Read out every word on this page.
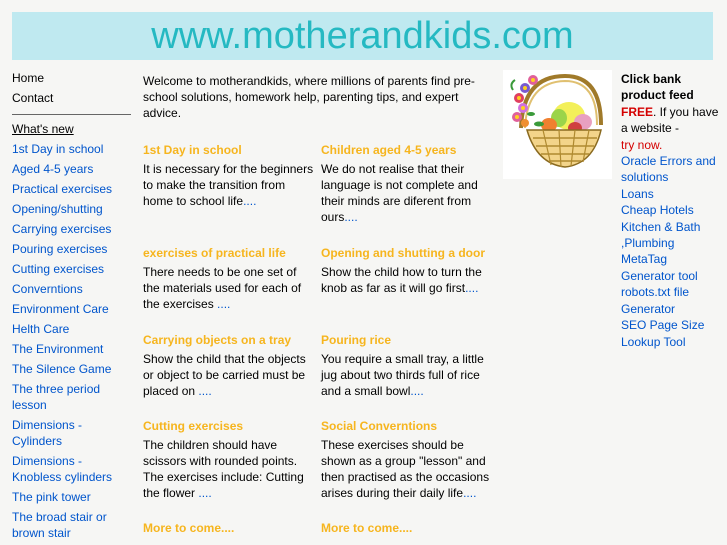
www.motherandkids.com
Home
Contact
What's new
1st Day in school
Aged 4-5 years
Practical exercises
Opening/shutting
Carrying exercises
Pouring exercises
Cutting exercises
Converntions
Environment Care
Helth Care
The Environment
The Silence Game
The three period lesson
Dimensions - Cylinders
Dimensions - Knobless cylinders
The pink tower
The broad stair or brown stair
Welcome to motherandkids, where millions of parents find pre-school solutions, homework help, parenting tips, and expert advice.
1st Day in school
It is necessary for the beginners to make the transition from home to school life....
Children aged 4-5 years
We do not realise that their language is not complete and their minds are diferent from ours....
exercises of practical life
There needs to be one set of the materials used for each of the exercises ....
Opening and shutting a door
Show the child how to turn the knob as far as it will go first....
Carrying objects on a tray
Show the child that the objects or object to be carried must be placed on ....
Pouring rice
You require a small tray, a little jug about two thirds full of rice and a small bowl....
Cutting exercises
The children should have scissors with rounded points. The exercises include: Cutting the flower ....
Social Converntions
These exercises should be shown as a group "lesson" and then practised as the occasions arises during their daily life....
More to come....	More to come....
Click bank product feed
FREE. If you have a website -
try now.
Oracle Errors and solutions
Loans
Cheap Hotels
Kitchen & Bath ,Plumbing
MetaTag Generator tool
robots.txt file Generator
SEO Page Size Lookup Tool
